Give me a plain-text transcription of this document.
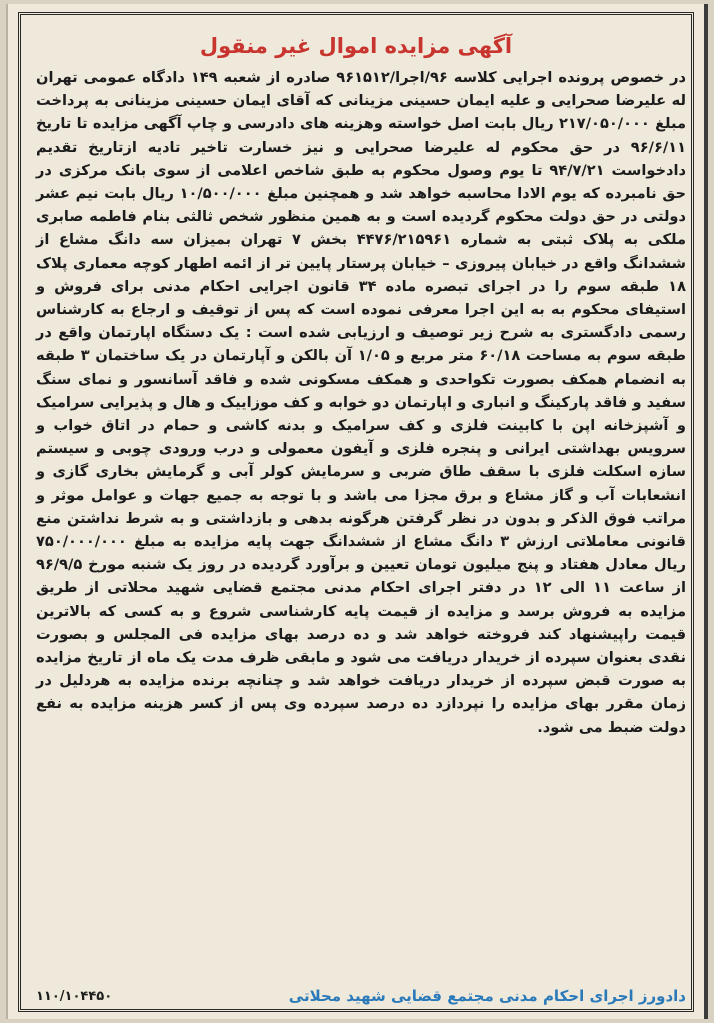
آگهی مزایده اموال غیر منقول

در خصوص پرونده اجرایی کلاسه ۹۶/اجرا/۹۶۱۵۱۲ صادره از شعبه ۱۴۹ دادگاه عمومی تهران له علیرضا صحرایی و علیه ایمان حسینی مزینانی که آقای ایمان حسینی مزینانی به پرداخت مبلغ ۲۱۷/۰۵۰/۰۰۰ ریال بابت اصل خواسته وهزینه های دادرسی و چاپ آگهی مزایده تا تاریخ ۹۶/۶/۱۱ در حق محکوم له علیرضا صحرایی و نیز خسارت تاخیر تادیه ازتاریخ تقدیم دادخواست ۹۴/۷/۲۱ تا یوم وصول محکوم به طبق شاخص اعلامی از سوی بانک مرکزی در حق نامبرده که یوم الادا محاسبه خواهد شد و همچنین مبلغ ۱۰/۵۰۰/۰۰۰ ریال بابت نیم عشر دولتی در حق دولت محکوم گردیده است و به همین منظور شخص ثالثی بنام فاطمه صابری ملکی به پلاک ثبتی به شماره ۴۴۷۶/۲۱۵۹۶۱ بخش ۷ تهران بمیزان سه دانگ مشاع از ششدانگ واقع در خیابان پیروزی – خیابان پرستار پایین تر از ائمه اطهار کوچه معماری پلاک ۱۸ طبقه سوم را در اجرای تبصره ماده ۳۴ قانون اجرایی احکام مدنی برای فروش و استیفای محکوم به به این اجرا معرفی نموده است که پس از توقیف و ارجاع به کارشناس رسمی دادگستری به شرح زیر توصیف و ارزیابی شده است : یک دستگاه اپارتمان واقع در طبقه سوم به مساحت ۶۰/۱۸ متر مربع و ۱/۰۵ آن بالکن و آپارتمان در یک ساختمان ۳ طبقه به انضمام همکف بصورت تکواحدی و همکف مسکونی شده و فاقد آسانسور و نمای سنگ سفید و فاقد پارکینگ و انباری و اپارتمان دو خوابه و کف موزاییک و هال و پذیرایی سرامیک و آشپزخانه اپن با کابینت فلزی و کف سرامیک و بدنه کاشی و حمام در اتاق خواب و سرویس بهداشتی ایرانی و پنجره فلزی و آیفون معمولی و درب ورودی چوبی و سیستم سازه اسکلت فلزی با سقف طاق ضربی و سرمایش کولر آبی و گرمایش بخاری گازی و انشعابات آب و گاز مشاع و برق مجزا می باشد و با توجه به جمیع جهات و عوامل موثر و مراتب فوق الذکر و بدون در نظر گرفتن هرگونه بدهی و بازداشتی و به شرط نداشتن منع قانونی معاملاتی ارزش ۳ دانگ مشاع از ششدانگ جهت پایه مزایده به مبلغ ۷۵۰/۰۰۰/۰۰۰ ریال معادل هفتاد و پنج میلیون تومان تعیین و برآورد گردیده در روز یک شنبه مورخ ۹۶/۹/۵ از ساعت ۱۱ الی ۱۲ در دفتر اجرای احکام مدنی مجتمع قضایی شهید محلاتی از طریق مزایده به فروش برسد و مزایده از قیمت پایه کارشناسی شروع و به کسی که بالاترین قیمت راپیشنهاد کند فروخته خواهد شد و ده درصد بهای مزایده فی المجلس و بصورت نقدی بعنوان سپرده از خریدار دریافت می شود و مابقی ظرف مدت یک ماه از تاریخ مزایده به صورت قبض سپرده از خریدار دریافت خواهد شد و چنانچه برنده مزایده به هردلیل در زمان مقرر بهای مزایده را نپردازد ده درصد سپرده وی پس از کسر هزینه مزایده به نفع دولت ضبط می شود.

دادورز اجرای احکام مدنی مجتمع قضایی شهید محلاتی
۱۱۰/۱۰۴۴۵۰
